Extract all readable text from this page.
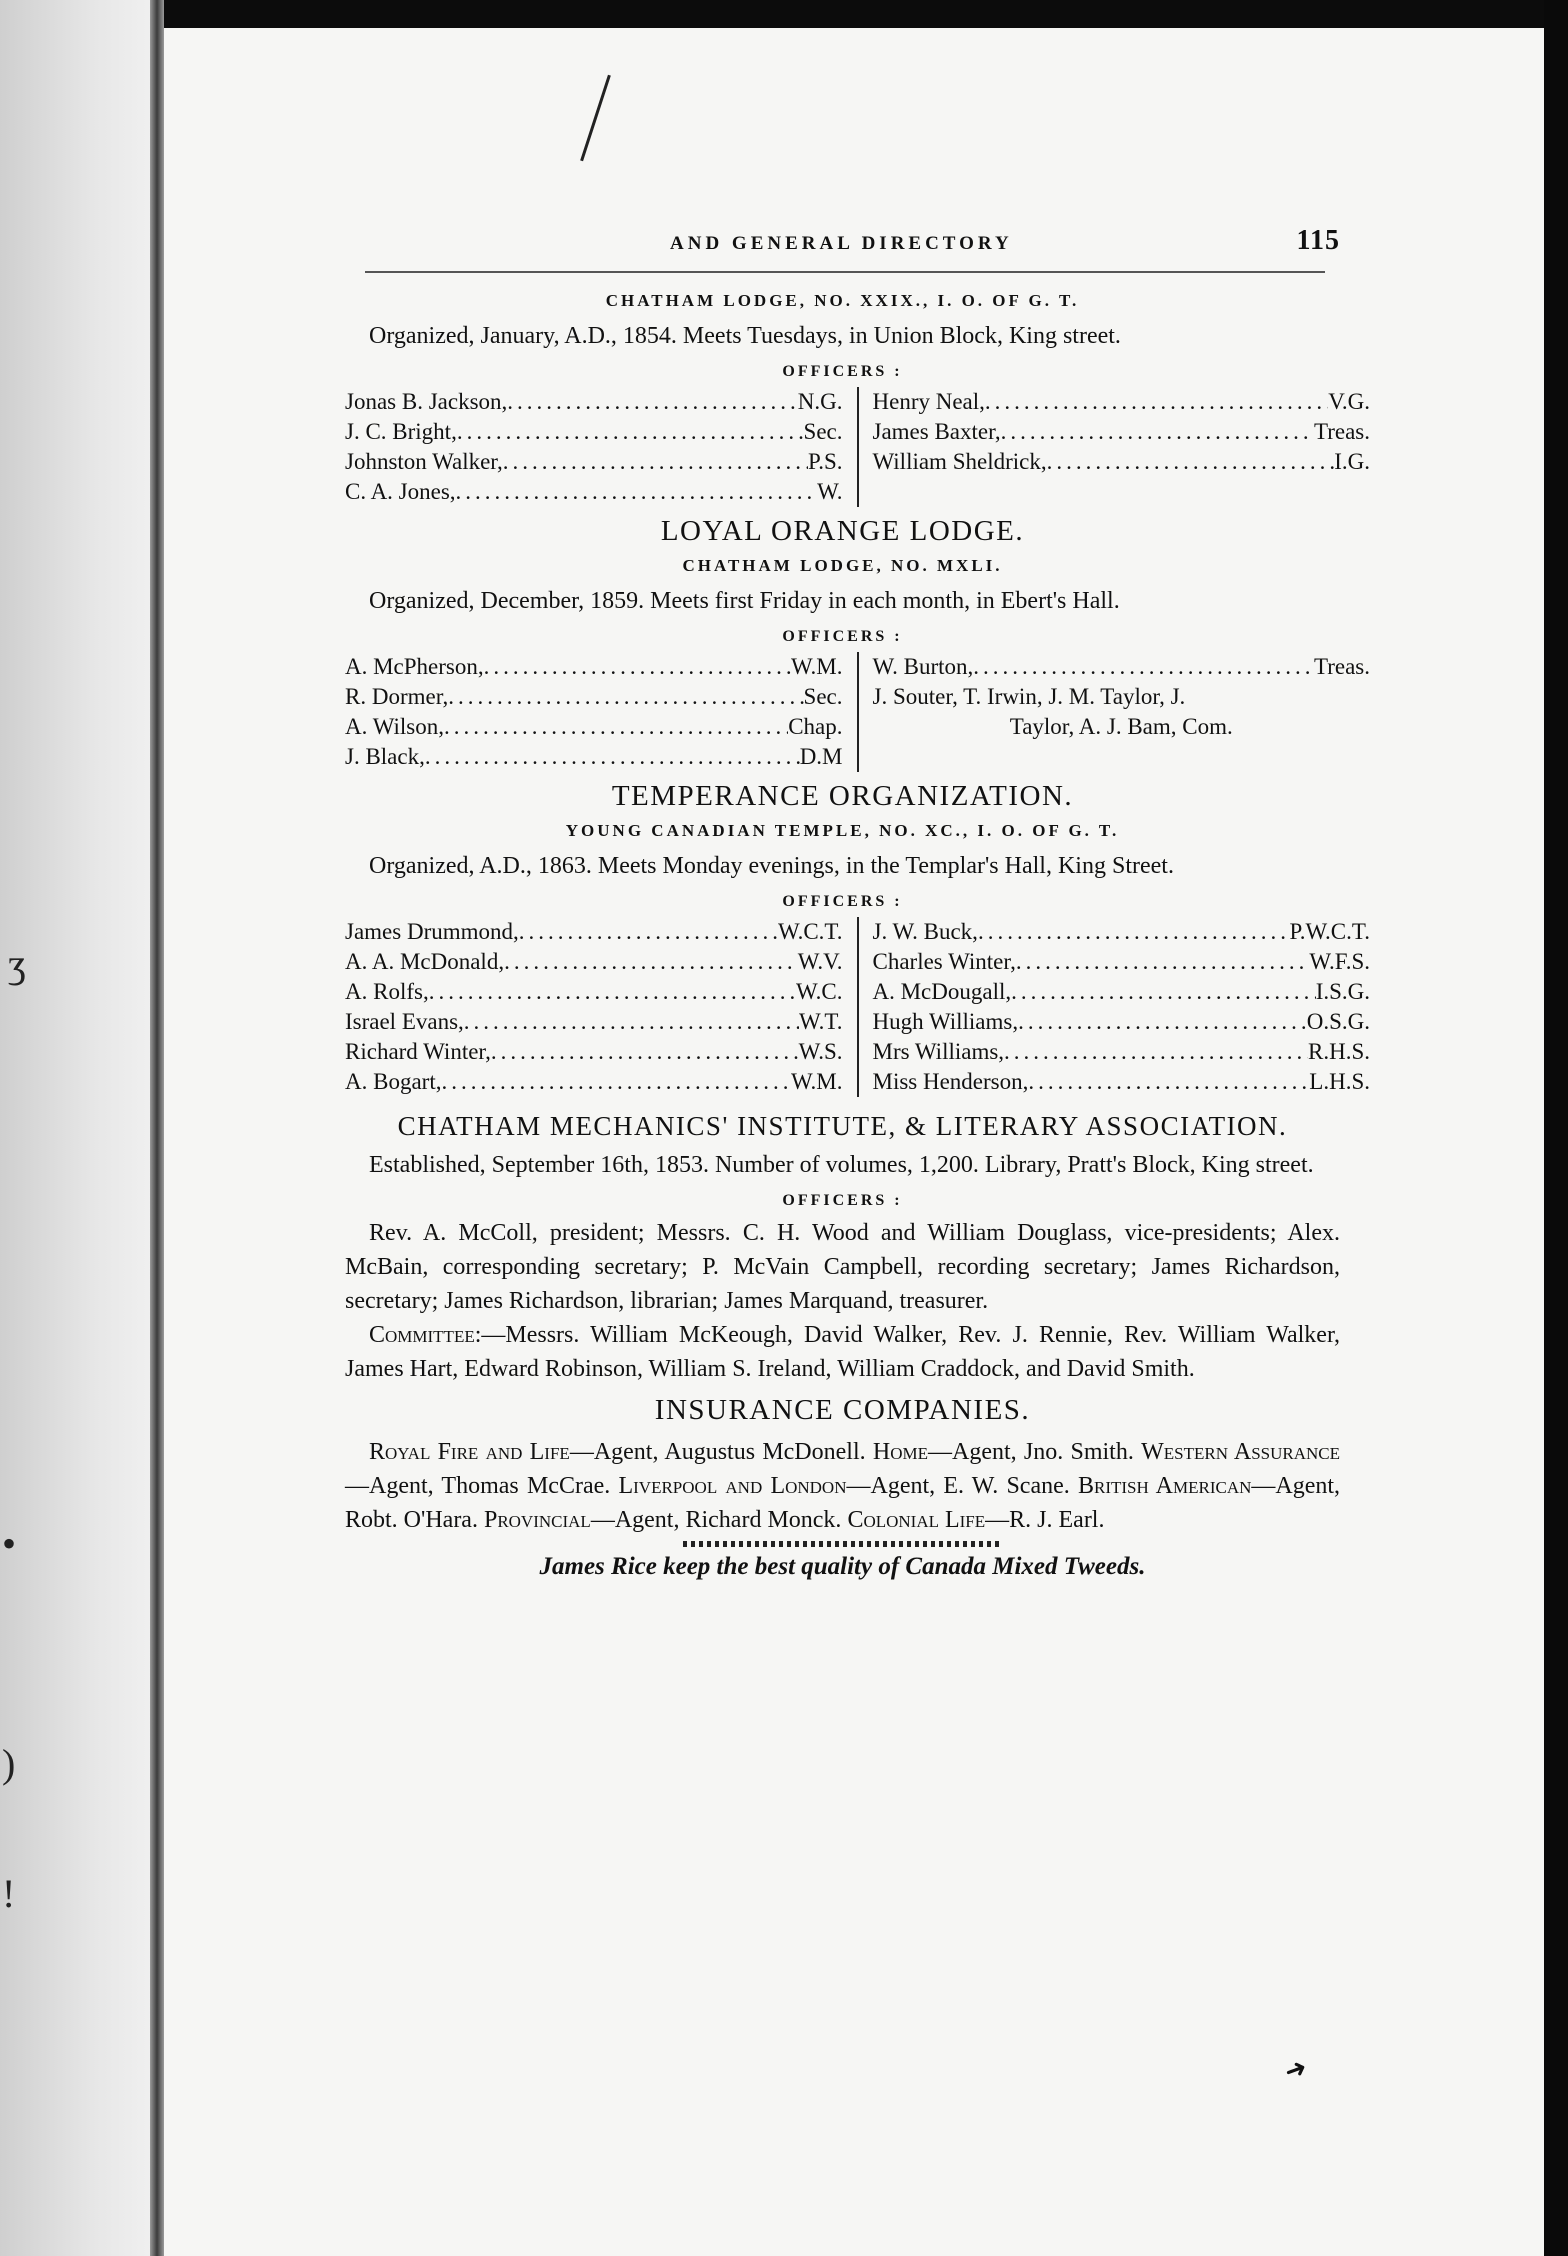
ʒ
•
)
!
AND GENERAL DIRECTORY	115
CHATHAM LODGE, NO. XXIX., I. O. OF G. T.

Organized, January, A.D., 1854. Meets Tuesdays, in Union Block, King street.

OFFICERS :
Jonas B. Jackson, .....	N.G.
J. C. Bright, .....	Sec.
Johnston Walker, .....	P.S.
C. A. Jones, .....	W.
Henry Neal, .....	V.G.
James Baxter, .....	Treas.
William Sheldrick, .....	I.G.
LOYAL ORANGE LODGE.
CHATHAM LODGE, NO. MXLI.

Organized, December, 1859. Meets first Friday in each month, in Ebert's Hall.

OFFICERS :
A. McPherson, .....	W.M.
R. Dormer, .....	Sec.
A. Wilson, .....	Chap.
J. Black, .....	D.M
W. Burton, .....	Treas.
J. Souter, T. Irwin, J. M. Taylor, J.
Taylor, A. J. Bam, Com.
TEMPERANCE ORGANIZATION.
YOUNG CANADIAN TEMPLE, NO. XC., I. O. OF G. T.

Organized, A.D., 1863. Meets Monday evenings, in the Templar's Hall, King Street.

OFFICERS :
James Drummond, .....	W.C.T.
A. A. McDonald, .....	W.V.
A. Rolfs, .....	W.C.
Israel Evans, .....	W.T.
Richard Winter, .....	W.S.
A. Bogart, .....	W.M.
J. W. Buck, .....	P.W.C.T.
Charles Winter, .....	W.F.S.
A. McDougall, .....	I.S.G.
Hugh Williams, .....	O.S.G.
Mrs Williams, .....	R.H.S.
Miss Henderson, .....	L.H.S.
CHATHAM MECHANICS' INSTITUTE, & LITERARY ASSOCIATION.

Established, September 16th, 1853. Number of volumes, 1,200. Library, Pratt's Block, King street.

OFFICERS :

Rev. A. McColl, president; Messrs. C. H. Wood and William Douglass, vice-presidents; Alex. McBain, corresponding secretary; P. McVain Campbell, recording secretary; James Richardson, secretary; James Richardson, librarian; James Marquand, treasurer.

Committee:—Messrs. William McKeough, David Walker, Rev. J. Rennie, Rev. William Walker, James Hart, Edward Robinson, William S. Ireland, William Craddock, and David Smith.

INSURANCE COMPANIES.

Royal Fire and Life—Agent, Augustus McDonell. Home—Agent, Jno. Smith. Western Assurance—Agent, Thomas McCrae. Liverpool and London—Agent, E. W. Scane. British American—Agent, Robt. O'Hara. Provincial—Agent, Richard Monck. Colonial Life—R. J. Earl.

James Rice keep the best quality of Canada Mixed Tweeds.
➜
